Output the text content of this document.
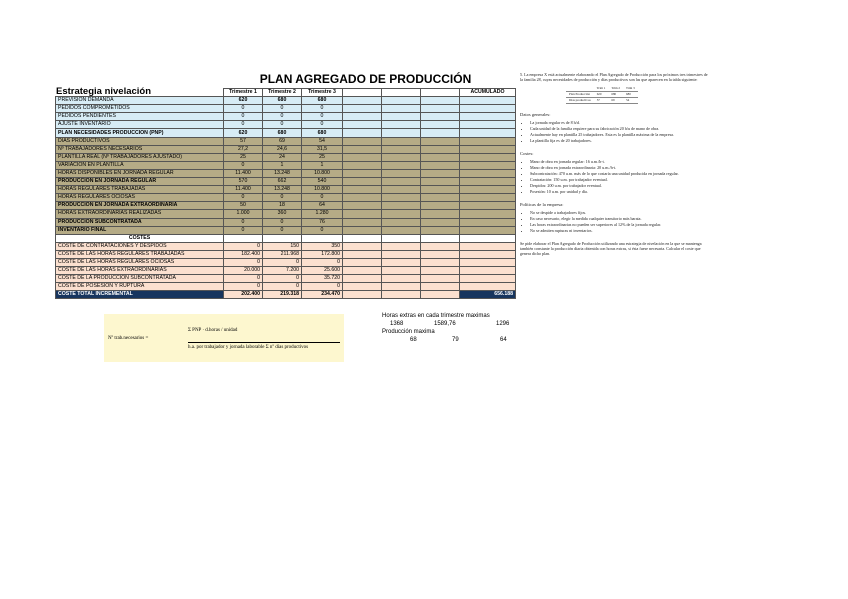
PLAN AGREGADO DE PRODUCCIÓN
Estrategia nivelación
		Trimestre 1	Trimestre 2	Trimestre 3				ACUMULADO
PREVISION DEMANDA	620	680	680				
PEDIDOS COMPROMETIDOS	0	0	0				
PEDIDOS PENDIENTES	0	0	0				
AJUSTE INVENTARIO	0	0	0				
PLAN NECESIDADES PRODUCCION (PNP)	620	680	680				
DIAS PRODUCTIVOS	57	69	54				
Nº TRABAJADORES NECESARIOS	27,2	24,6	31,5				
PLANTILLA REAL (Nº TRABAJADORES AJUSTADO)	25	24	25				
VARIACION EN PLANTILLA	0	1	1				
HORAS DISPONIBLES EN JORNADA REGULAR	11.400	13.248	10.800				
PRODUCCION EN JORNADA REGULAR	570	662	540				
HORAS REGULARES TRABAJADAS	11.400	13.248	10.800				
HORAS REGULARES OCIOSAS	0	0	0				
PRODUCCION EN JORNADA EXTRAORDINARIA	50	18	64				
HORAS EXTRAORDINARIAS REALIZADAS	1.000	360	1.280				
PRODUCCION SUBCONTRATADA	0	0	76				
INVENTARIO FINAL	0	0	0				
COSTES							
COSTE DE CONTRATACIONES Y DESPIDOS	0	150	350				
COSTE DE LAS HORAS REGULARES TRABAJADAS	182.400	211.968	172.800				
COSTE DE LAS HORAS REGULARES OCIOSAS	0	0	0				
COSTE DE LAS HORAS EXTRAORDINARIAS	20.000	7.200	25.600				
COSTE DE LA PRODUCCION SUBCONTRATADA	0	0	35.720				
COSTE DE POSESION Y RUPTURA	0	0	0				
COSTE TOTAL INCREMENTAL	202.400	219.318	234.470				656.188
Nº trab.necesarios =
Σ PNP · d.horas / unidad
h.a. por trabajador y jornada laborable Σ nº días productivos
Horas extras en cada trimestre maximas
1368	1589,76	1296
Producción maxima
68	79	64

5. La empresa X está actualmente elaborando el Plan Agregado de Producción para los próximos tres trimestres de la familia 28, cuyas necesidades de producción y días productivos son las que aparecen en la tabla siguiente:

	Trim 1	Trim 2	Trim 3
Plan Producción	620	680	680
Días productivos	57	69	54
Datos generales:
• La jornada regular es de 8 h/d.
• Cada unidad de la familia requiere para su fabricación 20 h/u de mano de obra.
• Actualmente hay en plantilla 25 trabajadores. Esta es la plantilla máxima de la empresa.
• La plantilla fija es de 20 trabajadores.
Costes:
• Mano de obra en jornada regular: 16 u.m./h-t.
• Mano de obra en jornada extraordinaria: 20 u.m./h-t.
• Subcontratación: 470 u.m. más de lo que costaría una unidad producida en jornada regular.
• Contratación: 150 u.m. por trabajador eventual.
• Despidos: 200 u.m. por trabajador eventual.
• Posesión: 10 u.m. por unidad y día.
Políticas de la empresa:
• No se despide a trabajadores fijos.
• En caso necesario, elegir la medida cualquier transitorio más barata.
• Las horas extraordinarias no pueden ser superiores al 12% de la jornada regular.
• No se admiten rupturas ni inventarios.

Se pide elaborar el Plan Agregado de Producción utilizando una estrategia de nivelación en la que se mantenga también constante la producción diaria obtenida con horas extras, si ésta fuese necesaria. Calcular el coste que genera dicho plan.
